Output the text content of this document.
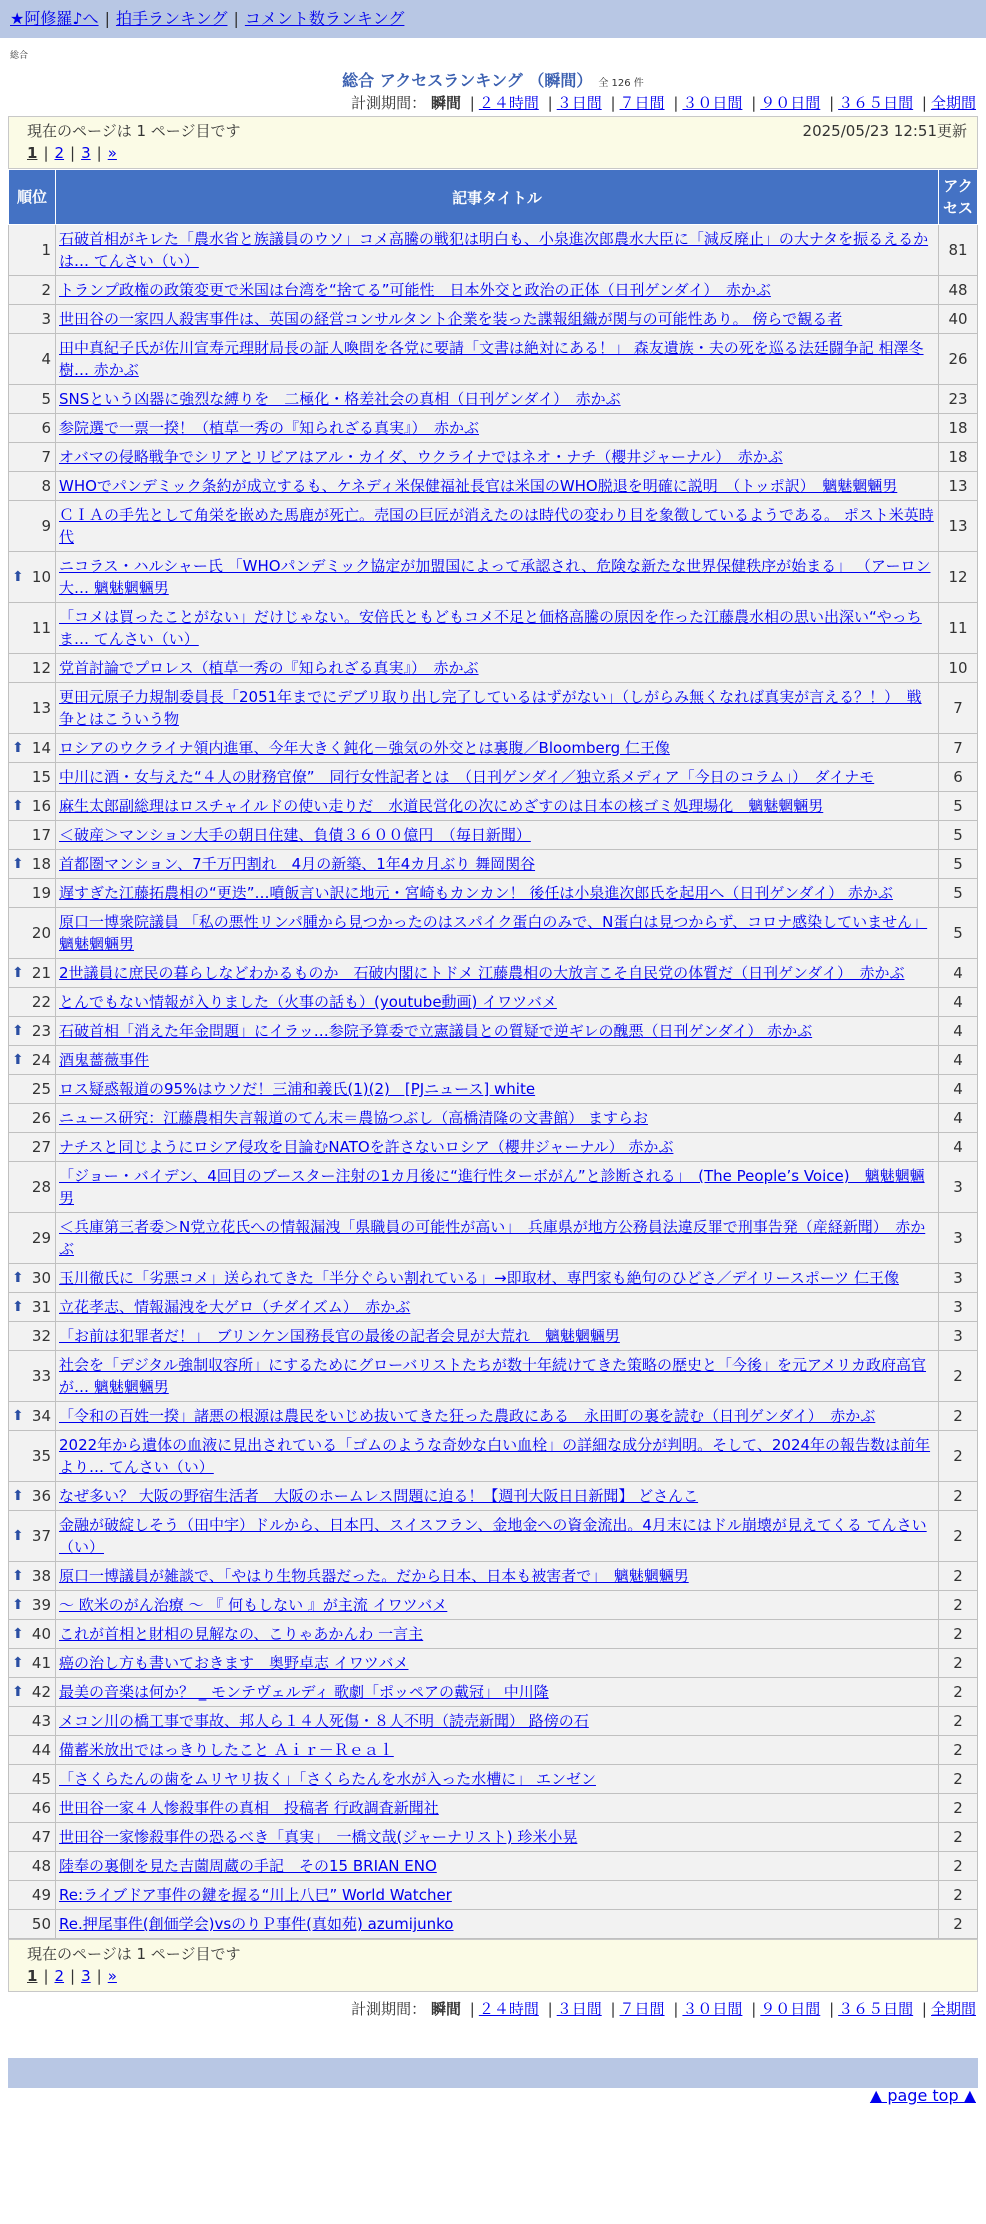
★阿修羅♪へ | 拍手ランキング | コメント数ランキング
総合
総合 アクセスランキング （瞬間） 全 126 件
計測期間： 瞬間 | ２４時間 | ３日間 | ７日間 | ３０日間 | ９０日間 | ３６５日間 | 全期間
現在のページは 1 ページ目です	2025/05/23 12:51更新
1 | 2 | 3 | »
順位	記事タイトル	アクセス
1	石破首相がキレた「農水省と族議員のウソ」コメ高騰の戦犯は明白も、小泉進次郎農水大臣に「減反廃止」の大ナタを振るえるかは… てんさい（い）	81
2	トランプ政権の政策変更で米国は台湾を“捨てる”可能性　日本外交と政治の正体（日刊ゲンダイ）　赤かぶ	48
3	世田谷の一家四人殺害事件は、英国の経営コンサルタント企業を装った諜報組織が関与の可能性あり。 傍らで観る者	40
4	田中真紀子氏が佐川宣寿元理財局長の証人喚問を各党に要請「文書は絶対にある！」 森友遺族・夫の死を巡る法廷闘争記 相澤冬樹… 赤かぶ	26
5	SNSという凶器に強烈な縛りを　二極化・格差社会の真相（日刊ゲンダイ）　赤かぶ	23
6	参院選で一票一揆！（植草一秀の『知られざる真実』）　赤かぶ	18
7	オバマの侵略戦争でシリアとリビアはアル・カイダ、ウクライナではネオ・ナチ（櫻井ジャーナル）　赤かぶ	18
8	WHOでパンデミック条約が成立するも、ケネディ米保健福祉長官は米国のWHO脱退を明確に説明　（トッポ訳）　魑魅魍魎男	13
9	ＣＩＡの手先として角栄を嵌めた馬鹿が死亡。売国の巨匠が消えたのは時代の変わり目を象徴しているようである。 ポスト米英時代	13

⬆ 10	ニコラス・ハルシャー氏 「WHOパンデミック協定が加盟国によって承認され、危険な新たな世界保健秩序が始まる」 （アーロン大… 魑魅魍魎男	12
11	「コメは買ったことがない」だけじゃない。安倍氏ともどもコメ不足と価格高騰の原因を作った江藤農水相の思い出深い“やっちま… てんさい（い）	11
12	党首討論でプロレス（植草一秀の『知られざる真実』）　赤かぶ	10
13	更田元原子力規制委員長「2051年までにデブリ取り出し完了しているはずがない」（しがらみ無くなれば真実が言える？！）　戦争とはこういう物	7

⬆ 14	ロシアのウクライナ領内進軍、今年大きく鈍化－強気の外交とは裏腹／Bloomberg 仁王像	7
15	中川に酒・女与えた“４人の財務官僚”　同行女性記者とは　（日刊ゲンダイ／独立系メディア「今日のコラム」）　ダイナモ	6

⬆ 16	麻生太郎副総理はロスチャイルドの使い走りだ　水道民営化の次にめざすのは日本の核ゴミ処理場化　魑魅魍魎男	5
17	＜破産＞マンション大手の朝日住建、負債３６００億円　（毎日新聞）	5

⬆ 18	首都圏マンション、7千万円割れ　4月の新築、1年4カ月ぶり 舞岡関谷	5
19	遅すぎた江藤拓農相の“更迭”…噴飯言い訳に地元・宮崎もカンカン！ 後任は小泉進次郎氏を起用へ（日刊ゲンダイ） 赤かぶ	5
20	原口一博衆院議員 「私の悪性リンパ腫から見つかったのはスパイク蛋白のみで、N蛋白は見つからず、コロナ感染していません」 魑魅魍魎男	5

⬆ 21	2世議員に庶民の暮らしなどわかるものか　石破内閣にトドメ 江藤農相の大放言こそ自民党の体質だ（日刊ゲンダイ）　赤かぶ	4
22	とんでもない情報が入りました（火事の話も）(youtube動画) イワツバメ	4

⬆ 23	石破首相「消えた年金問題」にイラッ…参院予算委で立憲議員との質疑で逆ギレの醜悪（日刊ゲンダイ） 赤かぶ	4

⬆ 24	酒鬼薔薇事件	4
25	ロス疑惑報道の95%はウソだ！三浦和義氏(1)(2)　[PJニュース] white	4
26	ニュース研究：江藤農相失言報道のてん末＝農協つぶし（高橋清隆の文書館） ますらお	4
27	ナチスと同じようにロシア侵攻を目論むNATOを許さないロシア（櫻井ジャーナル） 赤かぶ	4
28	「ジョー・バイデン、4回目のブースター注射の1カ月後に“進行性ターボがん”と診断される」　(The People’s Voice)　魑魅魍魎男	3
29	＜兵庫第三者委＞N党立花氏への情報漏洩「県職員の可能性が高い」　兵庫県が地方公務員法違反罪で刑事告発（産経新聞）　赤かぶ	3

⬆ 30	玉川徹氏に「劣悪コメ」送られてきた「半分ぐらい割れている」→即取材、専門家も絶句のひどさ／デイリースポーツ 仁王像	3

⬆ 31	立花孝志、情報漏洩を大ゲロ（チダイズム）　赤かぶ	3
32	「お前は犯罪者だ！」　ブリンケン国務長官の最後の記者会見が大荒れ　魑魅魍魎男	3
33	社会を「デジタル強制収容所」にするためにグローバリストたちが数十年続けてきた策略の歴史と「今後」を元アメリカ政府高官が… 魑魅魍魎男	2

⬆ 34	「令和の百姓一揆」諸悪の根源は農民をいじめ抜いてきた狂った農政にある　永田町の裏を読む（日刊ゲンダイ）　赤かぶ	2
35	2022年から遺体の血液に見出されている「ゴムのような奇妙な白い血栓」の詳細な成分が判明。そして、2024年の報告数は前年より… てんさい（い）	2

⬆ 36	なぜ多い？ 大阪の野宿生活者　大阪のホームレス問題に迫る！【週刊大阪日日新聞】 どさんこ	2

⬆ 37	金融が破綻しそう（田中宇）ドルから、日本円、スイスフラン、金地金への資金流出。4月末にはドル崩壊が見えてくる てんさい（い）	2

⬆ 38	原口一博議員が雑談で、「やはり生物兵器だった。だから日本、日本も被害者で」　魑魅魍魎男	2

⬆ 39	～ 欧米のがん治療 ～ 『 何もしない 』が主流 イワツバメ	2

⬆ 40	これが首相と財相の見解なの、こりゃあかんわ 一言主	2

⬆ 41	癌の治し方も書いておきます　奥野卓志 イワツバメ	2

⬆ 42	最美の音楽は何か？ _ モンテヴェルディ 歌劇「ポッペアの戴冠」 中川隆	2
43	メコン川の橋工事で事故、邦人ら１４人死傷・８人不明（読売新聞） 路傍の石	2
44	備蓄米放出ではっきりしたこと Ａｉｒ－Ｒｅａｌ	2
45	「さくらたんの歯をムリヤリ抜く」「さくらたんを水が入った水槽に」 エンゼン	2
46	世田谷一家４人惨殺事件の真相　投稿者 行政調査新聞社	2
47	世田谷一家惨殺事件の恐るべき「真実」　一橋文哉(ジャーナリスト) 珍米小晃	2
48	陸奉の裏側を見た吉薗周蔵の手記　その15 BRIAN ENO	2
49	Re:ライブドア事件の鍵を握る“川上八巳” World Watcher	2
50	Re.押尾事件(創価学会)vsのりＰ事件(真如苑) azumijunko	2
現在のページは 1 ページ目です
1 | 2 | 3 | »
計測期間： 瞬間 | ２４時間 | ３日間 | ７日間 | ３０日間 | ９０日間 | ３６５日間 | 全期間
▲ page top ▲
